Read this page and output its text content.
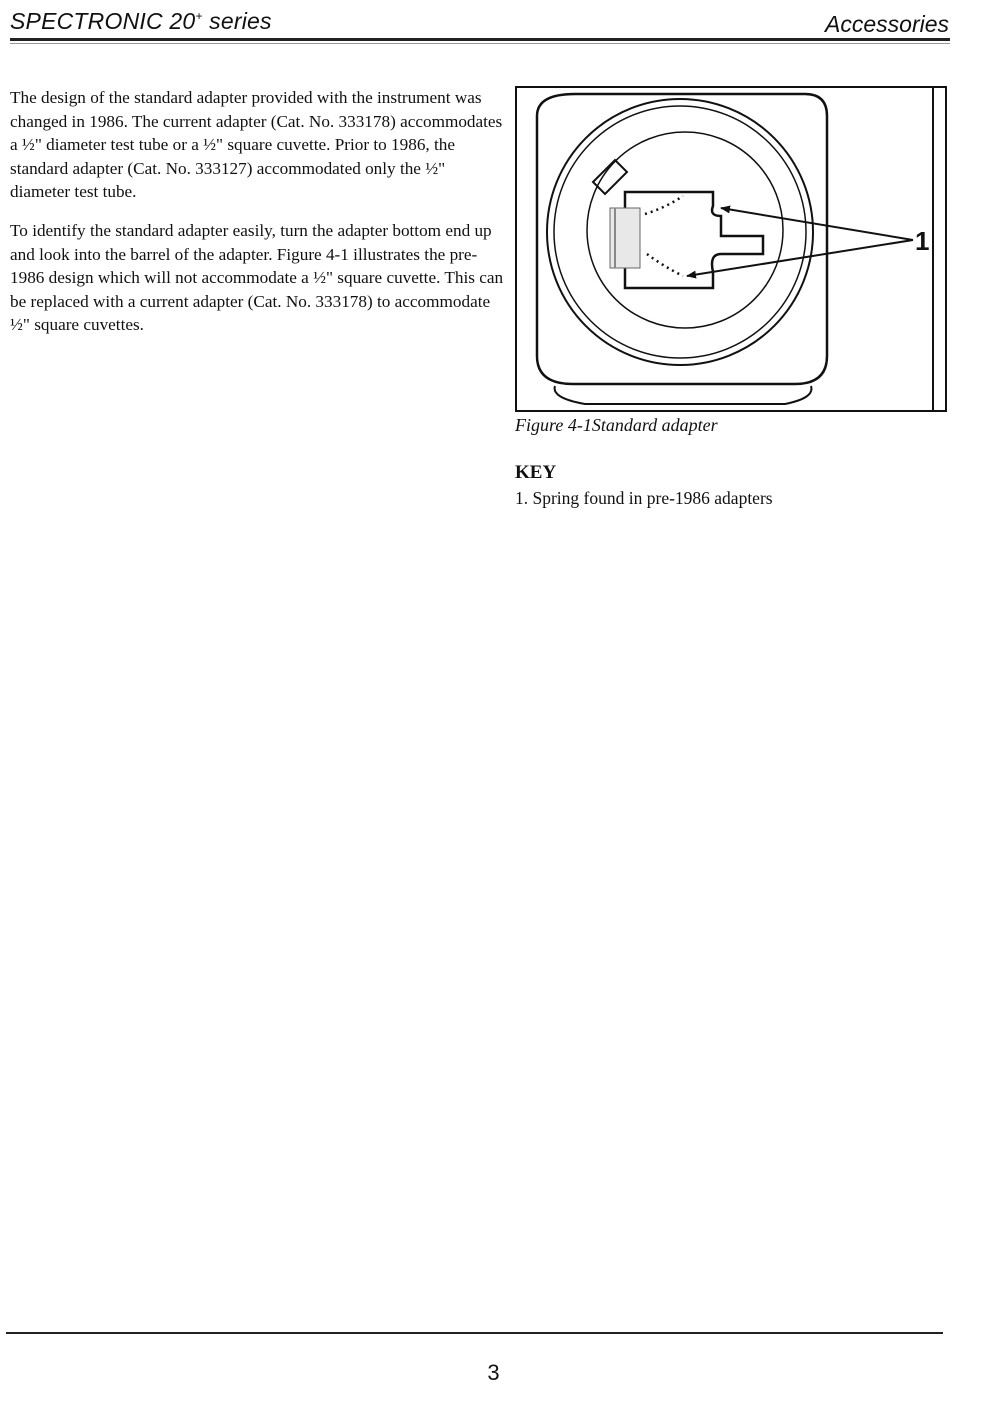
SPECTRONIC 20+ series	Accessories

The design of the standard adapter provided with the instrument was changed in 1986. The current adapter (Cat. No. 333178) accommodates a ½" diameter test tube or a ½" square cuvette. Prior to 1986, the standard adapter (Cat. No. 333127) accommodated only the ½" diameter test tube.

To identify the standard adapter easily, turn the adapter bottom end up and look into the barrel of the adapter. Figure 4-1 illustrates the pre-1986 design which will not accommodate a ½" square cuvette. This can be replaced with a current adapter (Cat. No. 333178) to accommodate ½" square cuvettes.

1
Figure 4-1Standard adapter
KEY
1. Spring found in pre-1986 adapters
3
